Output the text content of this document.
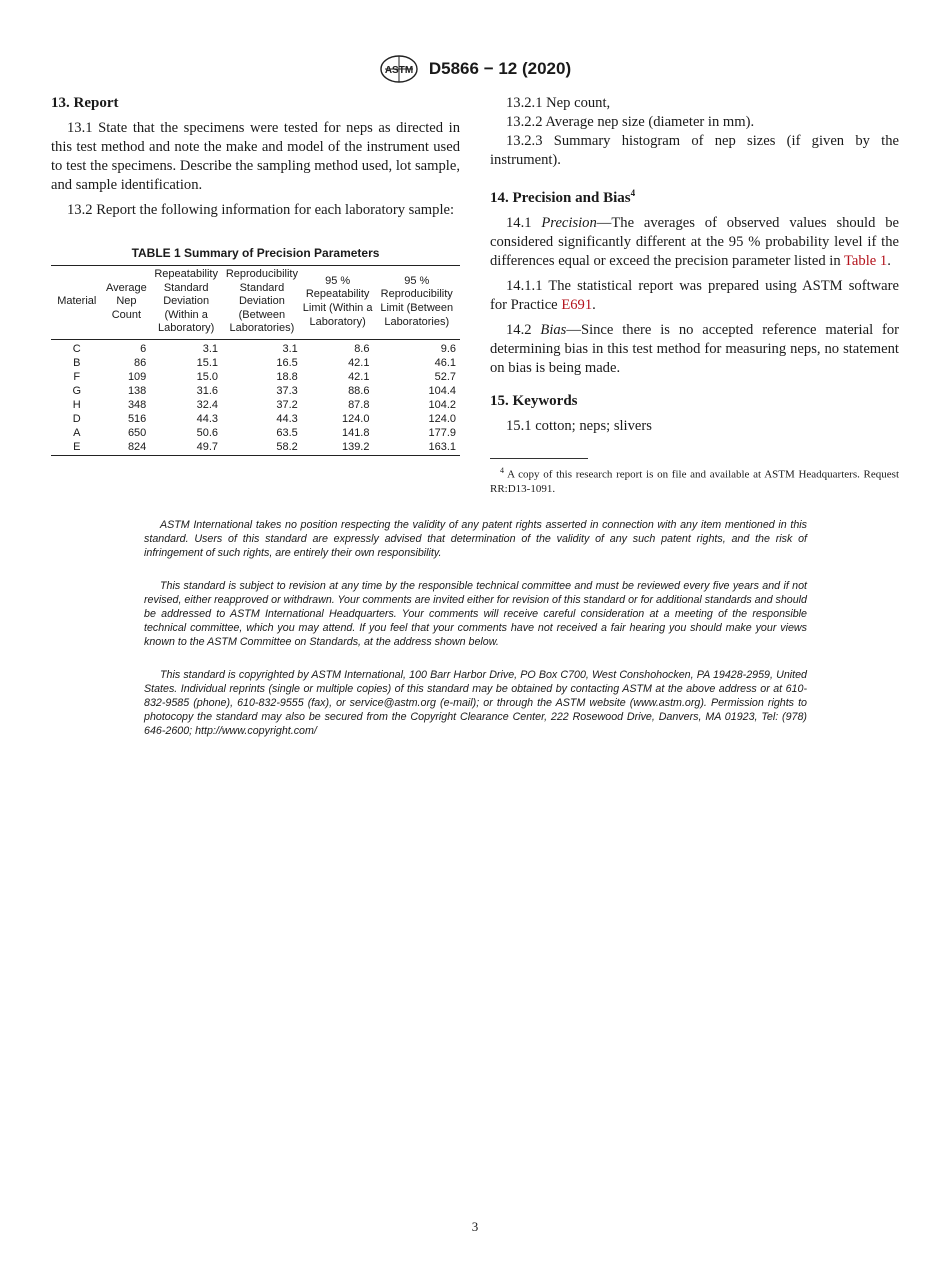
ASTM D5866 − 12 (2020)
13. Report

13.1 State that the specimens were tested for neps as directed in this test method and note the make and model of the instrument used to test the specimens. Describe the sampling method used, lot sample, and sample identification.

13.2 Report the following information for each laboratory sample:

TABLE 1 Summary of Precision Parameters
Material	Average Nep Count	Repeatability Standard Deviation (Within a Laboratory)	Reproducibility Standard Deviation (Between Laboratories)	95 % Repeatability Limit (Within a Laboratory)	95 % Reproducibility Limit (Between Laboratories)
C	6	3.1	3.1	8.6	9.6
B	86	15.1	16.5	42.1	46.1
F	109	15.0	18.8	42.1	52.7
G	138	31.6	37.3	88.6	104.4
H	348	32.4	37.2	87.8	104.2
D	516	44.3	44.3	124.0	124.0
A	650	50.6	63.5	141.8	177.9
E	824	49.7	58.2	139.2	163.1

13.2.1 Nep count,

13.2.2 Average nep size (diameter in mm).

13.2.3 Summary histogram of nep sizes (if given by the instrument).

14. Precision and Bias$^4$

14.1 Precision—The averages of observed values should be considered significantly different at the 95 % probability level if the differences equal or exceed the precision parameter listed in Table 1.

14.1.1 The statistical report was prepared using ASTM software for Practice E691.

14.2 Bias—Since there is no accepted reference material for determining bias in this test method for measuring neps, no statement on bias is being made.

15. Keywords

15.1 cotton; neps; slivers

$^4$ A copy of this research report is on file and available at ASTM Headquarters. Request RR:D13-1091.

ASTM International takes no position respecting the validity of any patent rights asserted in connection with any item mentioned in this standard. Users of this standard are expressly advised that determination of the validity of any such patent rights, and the risk of infringement of such rights, are entirely their own responsibility.

This standard is subject to revision at any time by the responsible technical committee and must be reviewed every five years and if not revised, either reapproved or withdrawn. Your comments are invited either for revision of this standard or for additional standards and should be addressed to ASTM International Headquarters. Your comments will receive careful consideration at a meeting of the responsible technical committee, which you may attend. If you feel that your comments have not received a fair hearing you should make your views known to the ASTM Committee on Standards, at the address shown below.

This standard is copyrighted by ASTM International, 100 Barr Harbor Drive, PO Box C700, West Conshohocken, PA 19428-2959, United States. Individual reprints (single or multiple copies) of this standard may be obtained by contacting ASTM at the above address or at 610-832-9585 (phone), 610-832-9555 (fax), or service@astm.org (e-mail); or through the ASTM website (www.astm.org). Permission rights to photocopy the standard may also be secured from the Copyright Clearance Center, 222 Rosewood Drive, Danvers, MA 01923, Tel: (978) 646-2600; http://www.copyright.com/

3
